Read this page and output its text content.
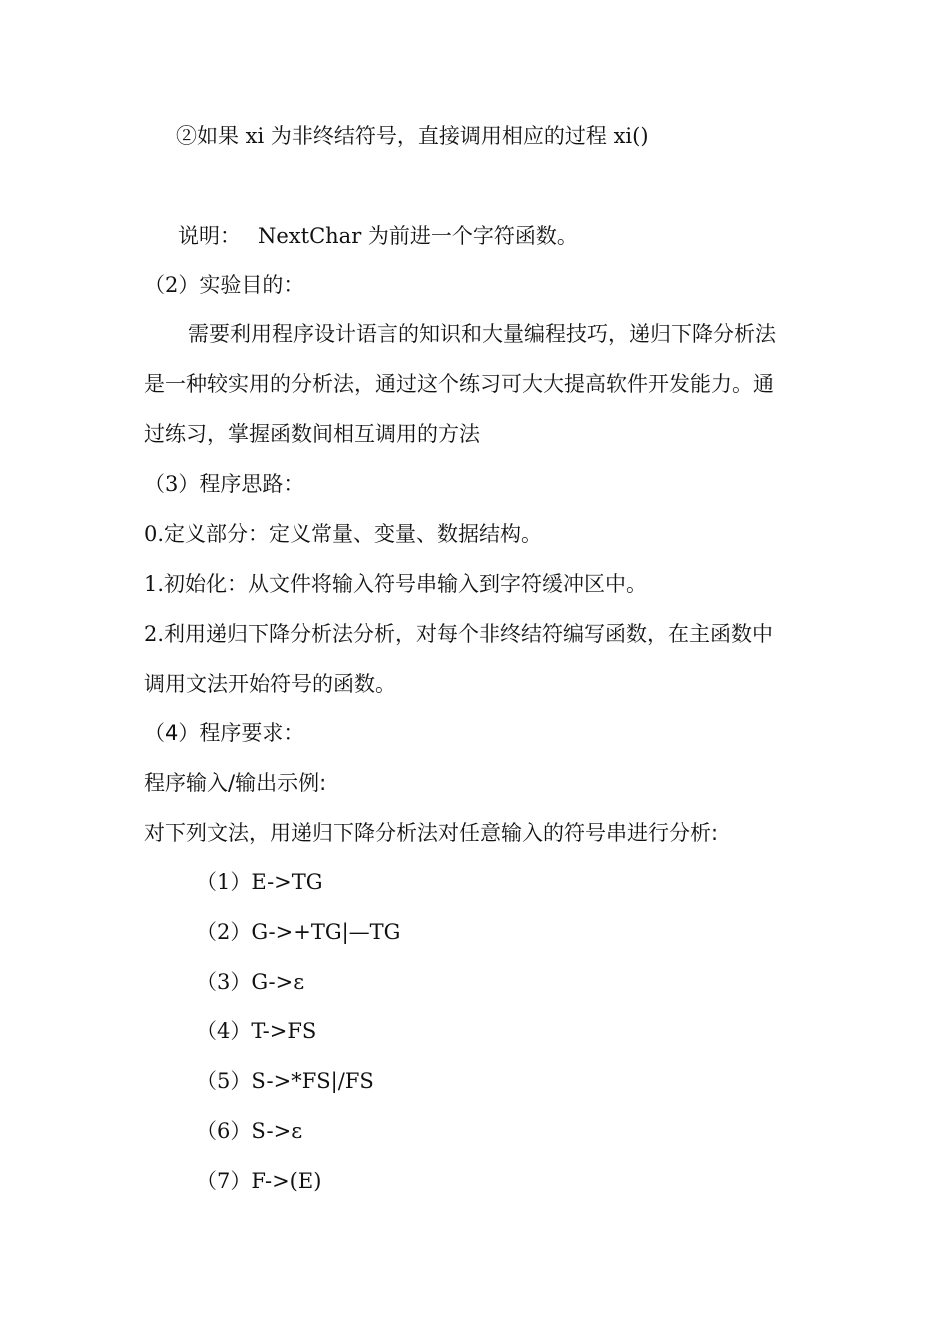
②如果 xi 为非终结符号，直接调用相应的过程 xi()
说明： NextChar 为前进一个字符函数。
（2）实验目的：
需要利用程序设计语言的知识和大量编程技巧，递归下降分析法
是一种较实用的分析法，通过这个练习可大大提高软件开发能力。通
过练习，掌握函数间相互调用的方法
（3）程序思路：
0.定义部分：定义常量、变量、数据结构。
1.初始化：从文件将输入符号串输入到字符缓冲区中。
2.利用递归下降分析法分析，对每个非终结符编写函数，在主函数中
调用文法开始符号的函数。
（4）程序要求：
程序输入/输出示例:
对下列文法，用递归下降分析法对任意输入的符号串进行分析:
（1）E->TG
（2）G->+TG|—TG
（3）G->ε
（4）T->FS
（5）S->*FS|/FS
（6）S->ε
（7）F->(E)
